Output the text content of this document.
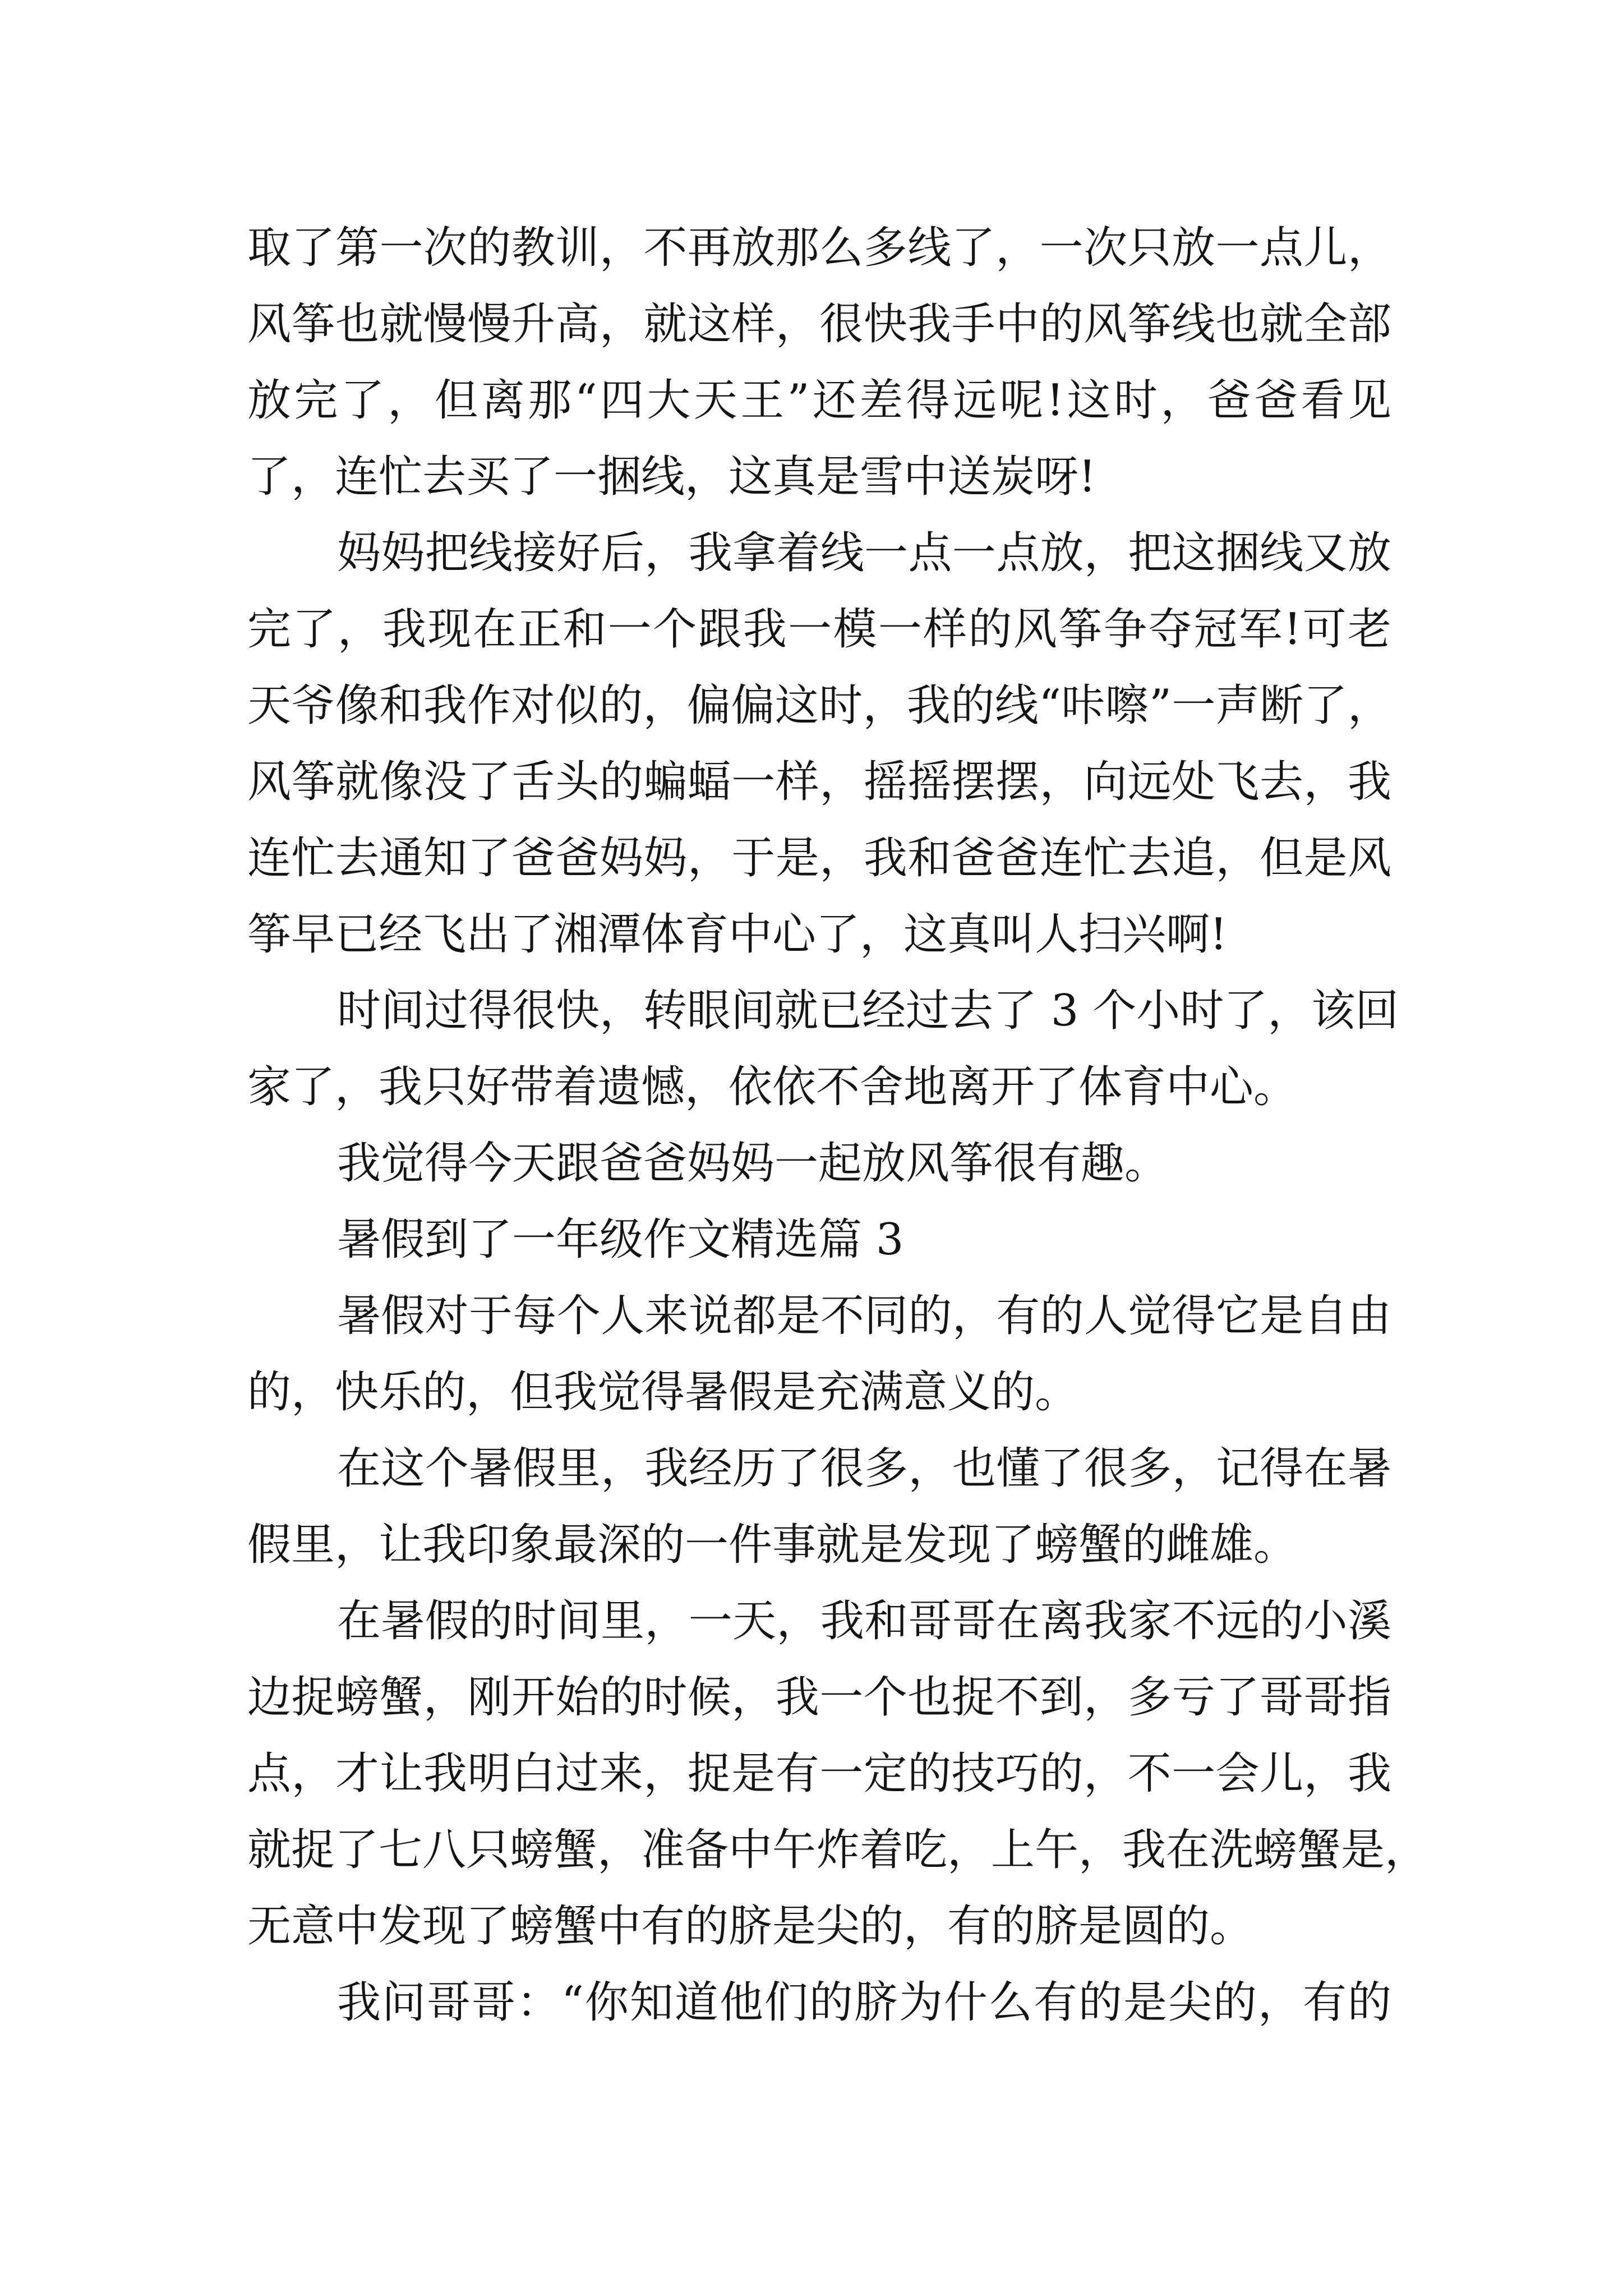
取了第一次的教训，不再放那么多线了，一次只放一点儿，

风筝也就慢慢升高，就这样，很快我手中的风筝线也就全部

放完了，但离那“四大天王”还差得远呢!这时，爸爸看见

了，连忙去买了一捆线，这真是雪中送炭呀!

妈妈把线接好后，我拿着线一点一点放，把这捆线又放

完了，我现在正和一个跟我一模一样的风筝争夺冠军!可老

天爷像和我作对似的，偏偏这时，我的线“咔嚓”一声断了，

风筝就像没了舌头的蝙蝠一样，摇摇摆摆，向远处飞去，我

连忙去通知了爸爸妈妈，于是，我和爸爸连忙去追，但是风

筝早已经飞出了湘潭体育中心了，这真叫人扫兴啊!

时间过得很快，转眼间就已经过去了 3 个小时了，该回

家了，我只好带着遗憾，依依不舍地离开了体育中心。

我觉得今天跟爸爸妈妈一起放风筝很有趣。

暑假到了一年级作文精选篇 3

暑假对于每个人来说都是不同的，有的人觉得它是自由

的，快乐的，但我觉得暑假是充满意义的。

在这个暑假里，我经历了很多，也懂了很多，记得在暑

假里，让我印象最深的一件事就是发现了螃蟹的雌雄。

在暑假的时间里，一天，我和哥哥在离我家不远的小溪

边捉螃蟹，刚开始的时候，我一个也捉不到，多亏了哥哥指

点，才让我明白过来，捉是有一定的技巧的，不一会儿，我

就捉了七八只螃蟹，准备中午炸着吃，上午，我在洗螃蟹是，

无意中发现了螃蟹中有的脐是尖的，有的脐是圆的。

我问哥哥：“你知道他们的脐为什么有的是尖的，有的
